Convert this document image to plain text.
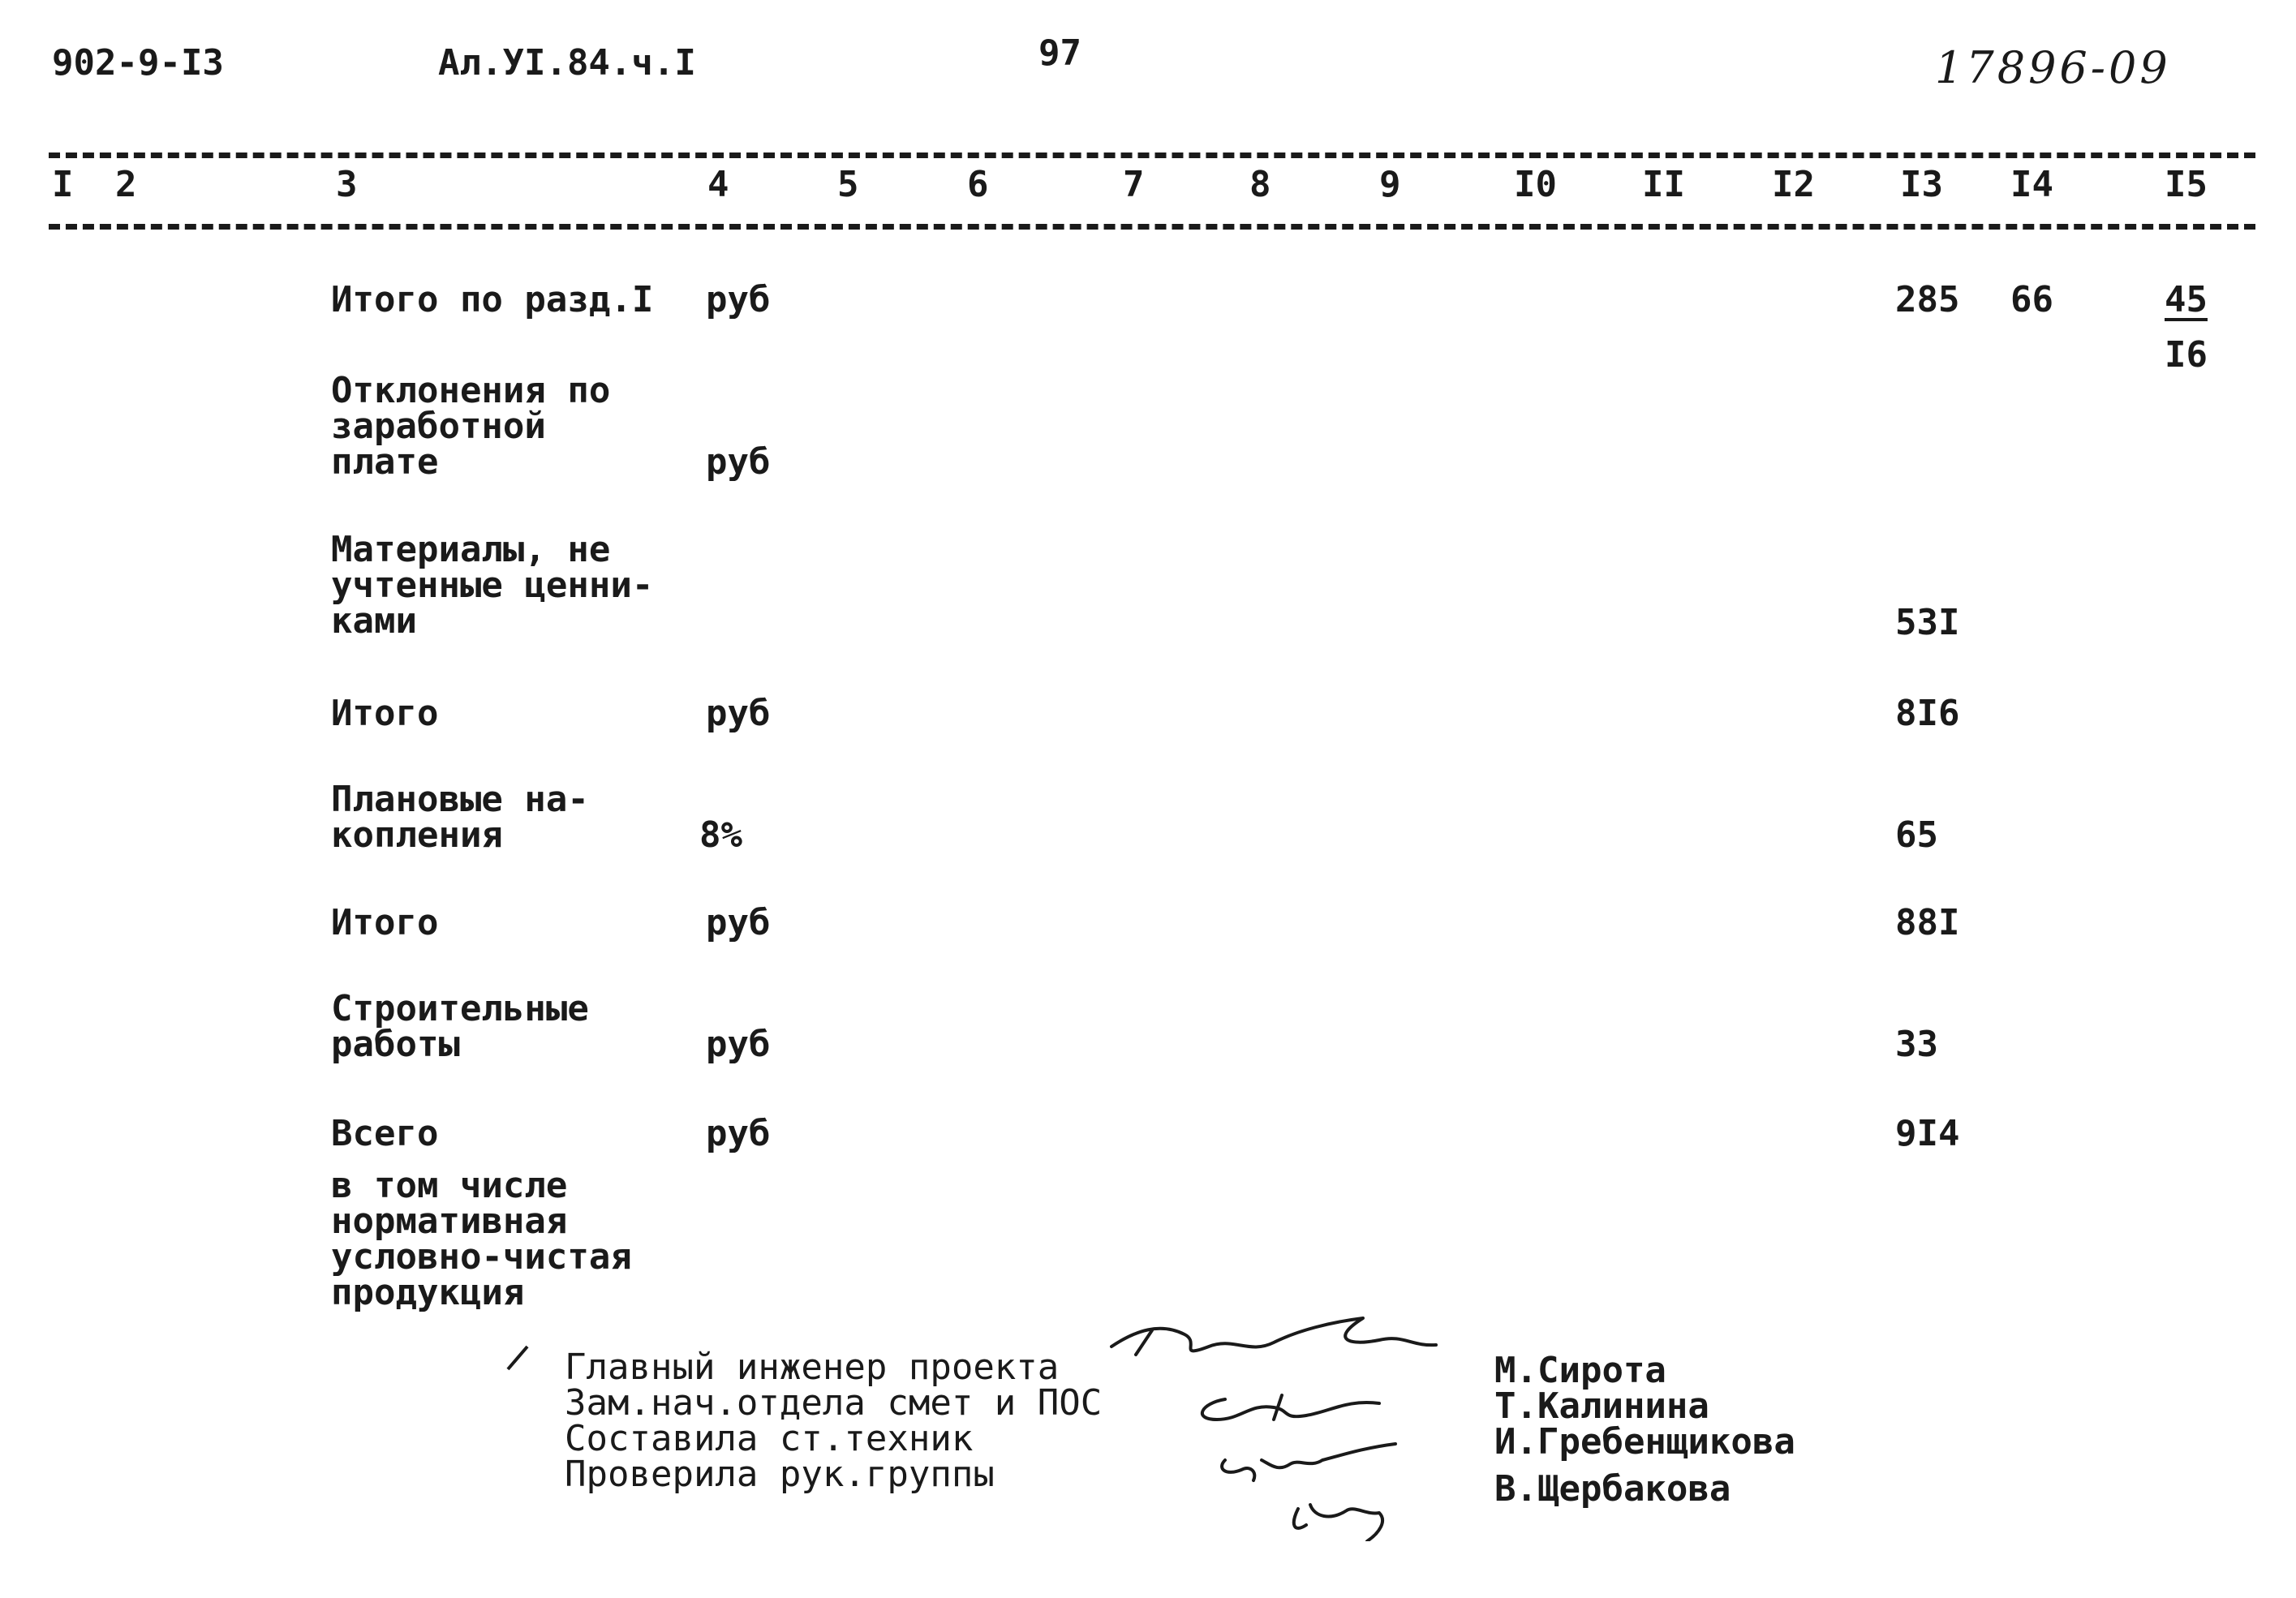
902-9-I3	Ал.УI.84.ч.I	97	17896-09
I 2	3	4	5	6	7	8	9	I0 II I2 I3 I4	I5
Итого по разд.I руб	285 66	45
I6
Отклонения по
заработной
плате	руб
Материалы, не
учтенные ценни-
ками	53I
Итого	руб	8I6
Плановые на-
копления	8%	65
Итого	руб	88I
Строительные
работы	руб	33
Всего	руб	9I4
в том числе
нормативная
условно-чистая
продукция
Главный инженер проекта
Зам.нач.отдела смет и ПОС
Составила ст.техник
Проверила рук.группы
М.Сирота
Т.Калинина
И.Гребенщикова
В.Щербакова
